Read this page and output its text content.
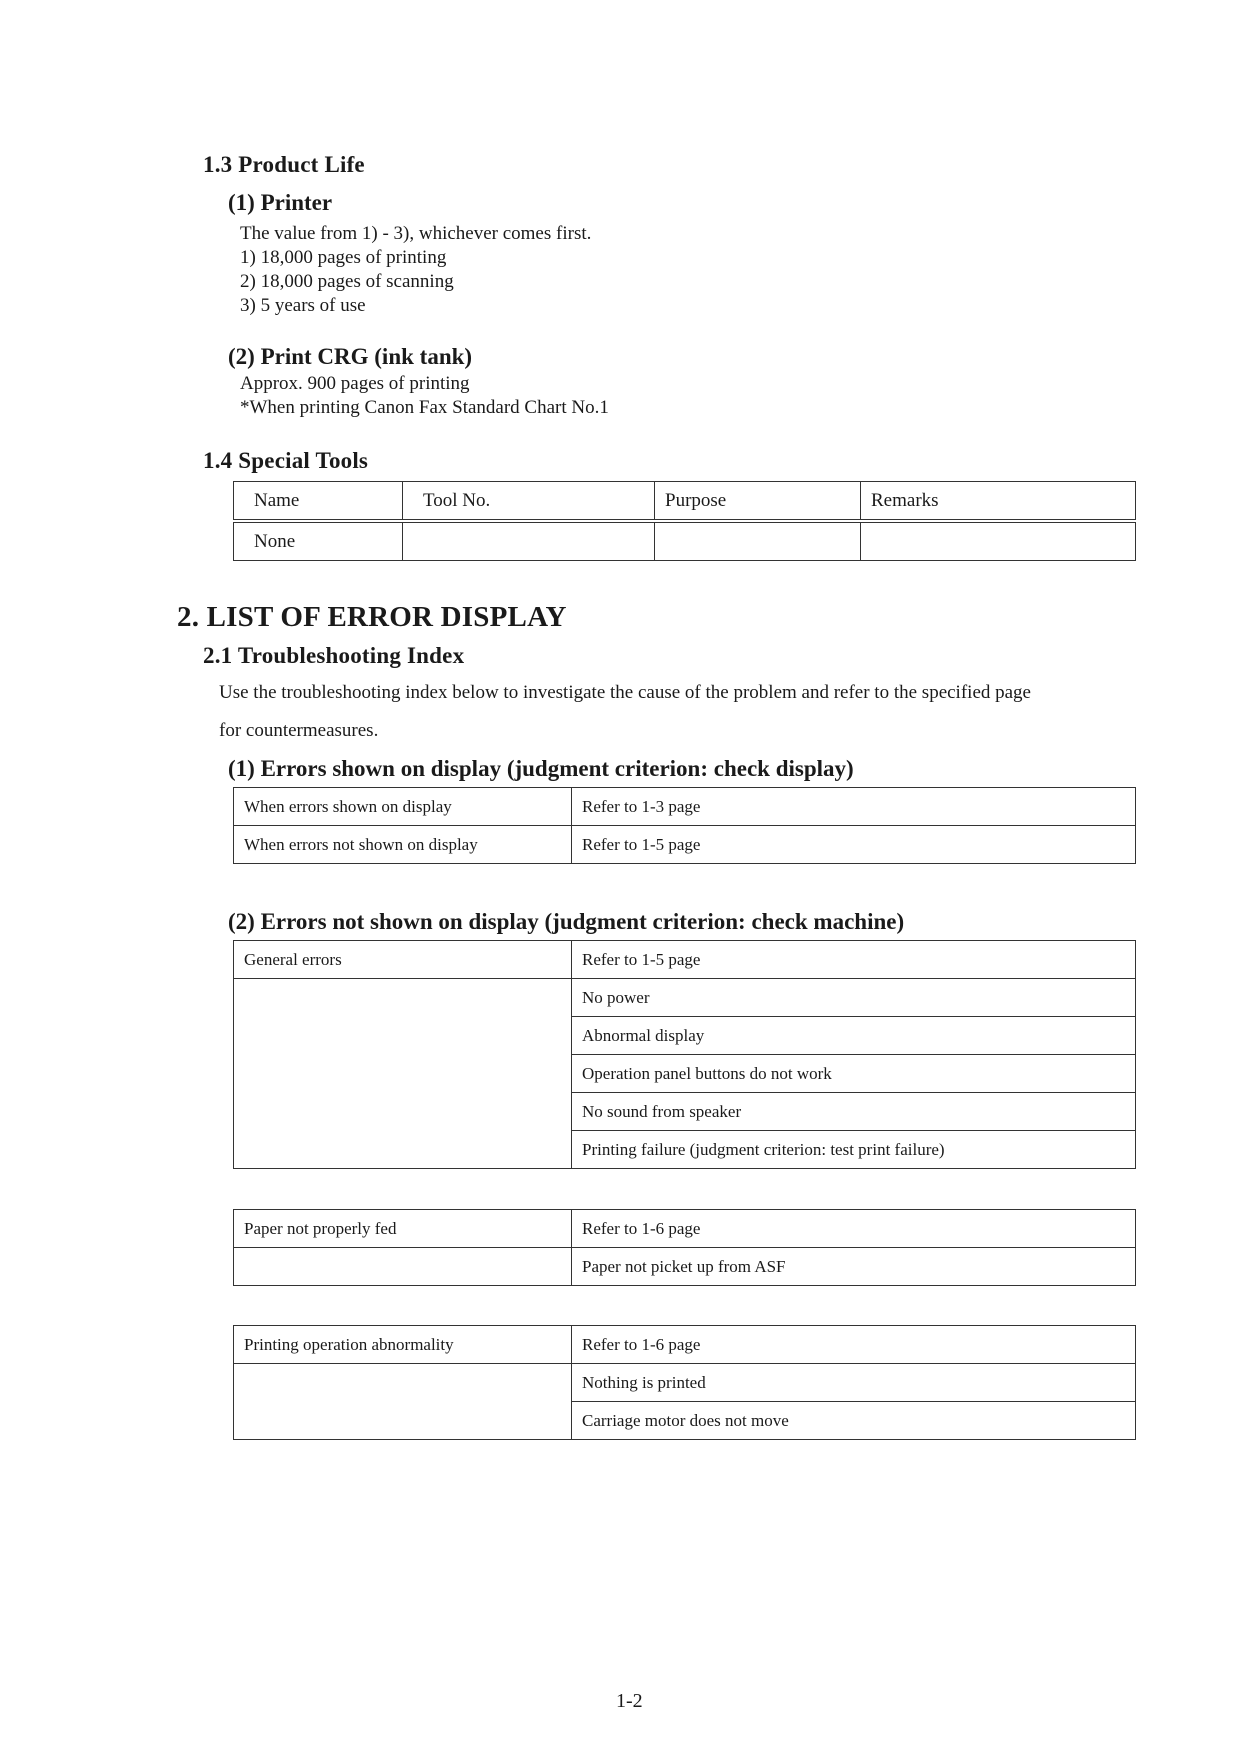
1.3 Product Life
(1) Printer
The value from 1) - 3), whichever comes first.
1) 18,000 pages of printing
2) 18,000 pages of scanning
3) 5 years of use
(2) Print CRG (ink tank)
Approx. 900 pages of printing
*When printing Canon Fax Standard Chart No.1
1.4 Special Tools
Name	Tool No.	Purpose	Remarks
None			
2. LIST OF ERROR DISPLAY
2.1 Troubleshooting Index

Use the troubleshooting index below to investigate the cause of the problem and refer to the specified page

for countermeasures.

(1) Errors shown on display (judgment criterion: check display)
When errors shown on display	Refer to 1-3 page
When errors not shown on display	Refer to 1-5 page
(2) Errors not shown on display (judgment criterion: check machine)
General errors	Refer to 1-5 page
	No power
	Abnormal display
	Operation panel buttons do not work
	No sound from speaker
	Printing failure (judgment criterion: test print failure)
Paper not properly fed	Refer to 1-6 page
	Paper not picket up from ASF
Printing operation abnormality	Refer to 1-6 page
	Nothing is printed
	Carriage motor does not move
1-2
